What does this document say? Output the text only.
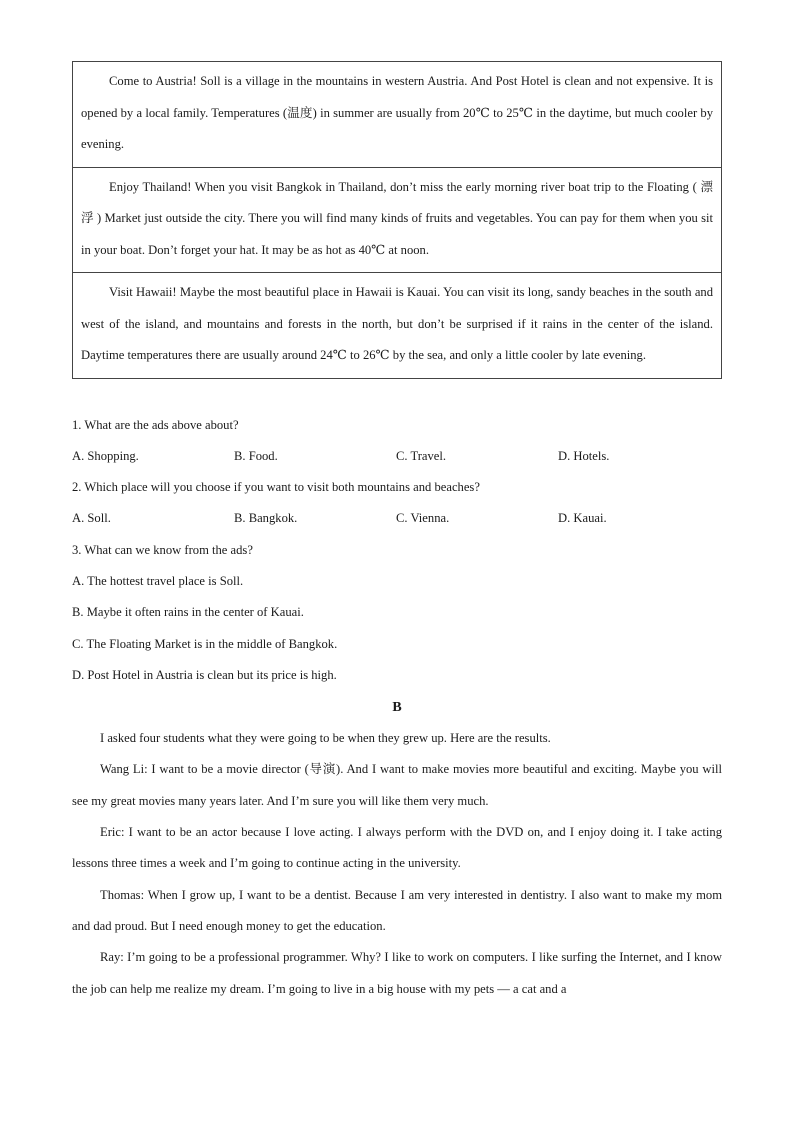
Come to Austria! Soll is a village in the mountains in western Austria. And Post Hotel is clean and not expensive. It is opened by a local family. Temperatures (温度) in summer are usually from 20℃ to 25℃ in the daytime, but much cooler by evening.

Enjoy Thailand! When you visit Bangkok in Thailand, don’t miss the early morning river boat trip to the Floating ( 漂 浮 ) Market just outside the city. There you will find many kinds of fruits and vegetables. You can pay for them when you sit in your boat. Don’t forget your hat. It may be as hot as 40℃ at noon.

Visit Hawaii! Maybe the most beautiful place in Hawaii is Kauai. You can visit its long, sandy beaches in the south and west of the island, and mountains and forests in the north, but don’t be surprised if it rains in the center of the island. Daytime temperatures there are usually around 24℃ to 26℃ by the sea, and only a little cooler by late evening.

1. What are the ads above about?

A. Shopping.	B. Food.	C. Travel.	D. Hotels.

2. Which place will you choose if you want to visit both mountains and beaches?

A. Soll.	B. Bangkok.	C. Vienna.	D. Kauai.

3. What can we know from the ads?

A. The hottest travel place is Soll.

B. Maybe it often rains in the center of Kauai.

C. The Floating Market is in the middle of Bangkok.

D. Post Hotel in Austria is clean but its price is high.

B

I asked four students what they were going to be when they grew up. Here are the results.

Wang Li: I want to be a movie director (导演). And I want to make movies more beautiful and exciting. Maybe you will see my great movies many years later. And I’m sure you will like them very much.

Eric: I want to be an actor because I love acting. I always perform with the DVD on, and I enjoy doing it. I take acting lessons three times a week and I’m going to continue acting in the university.

Thomas: When I grow up, I want to be a dentist. Because I am very interested in dentistry. I also want to make my mom and dad proud. But I need enough money to get the education.

Ray: I’m going to be a professional programmer. Why? I like to work on computers. I like surfing the Internet, and I know the job can help me realize my dream. I’m going to live in a big house with my pets — a cat and a
